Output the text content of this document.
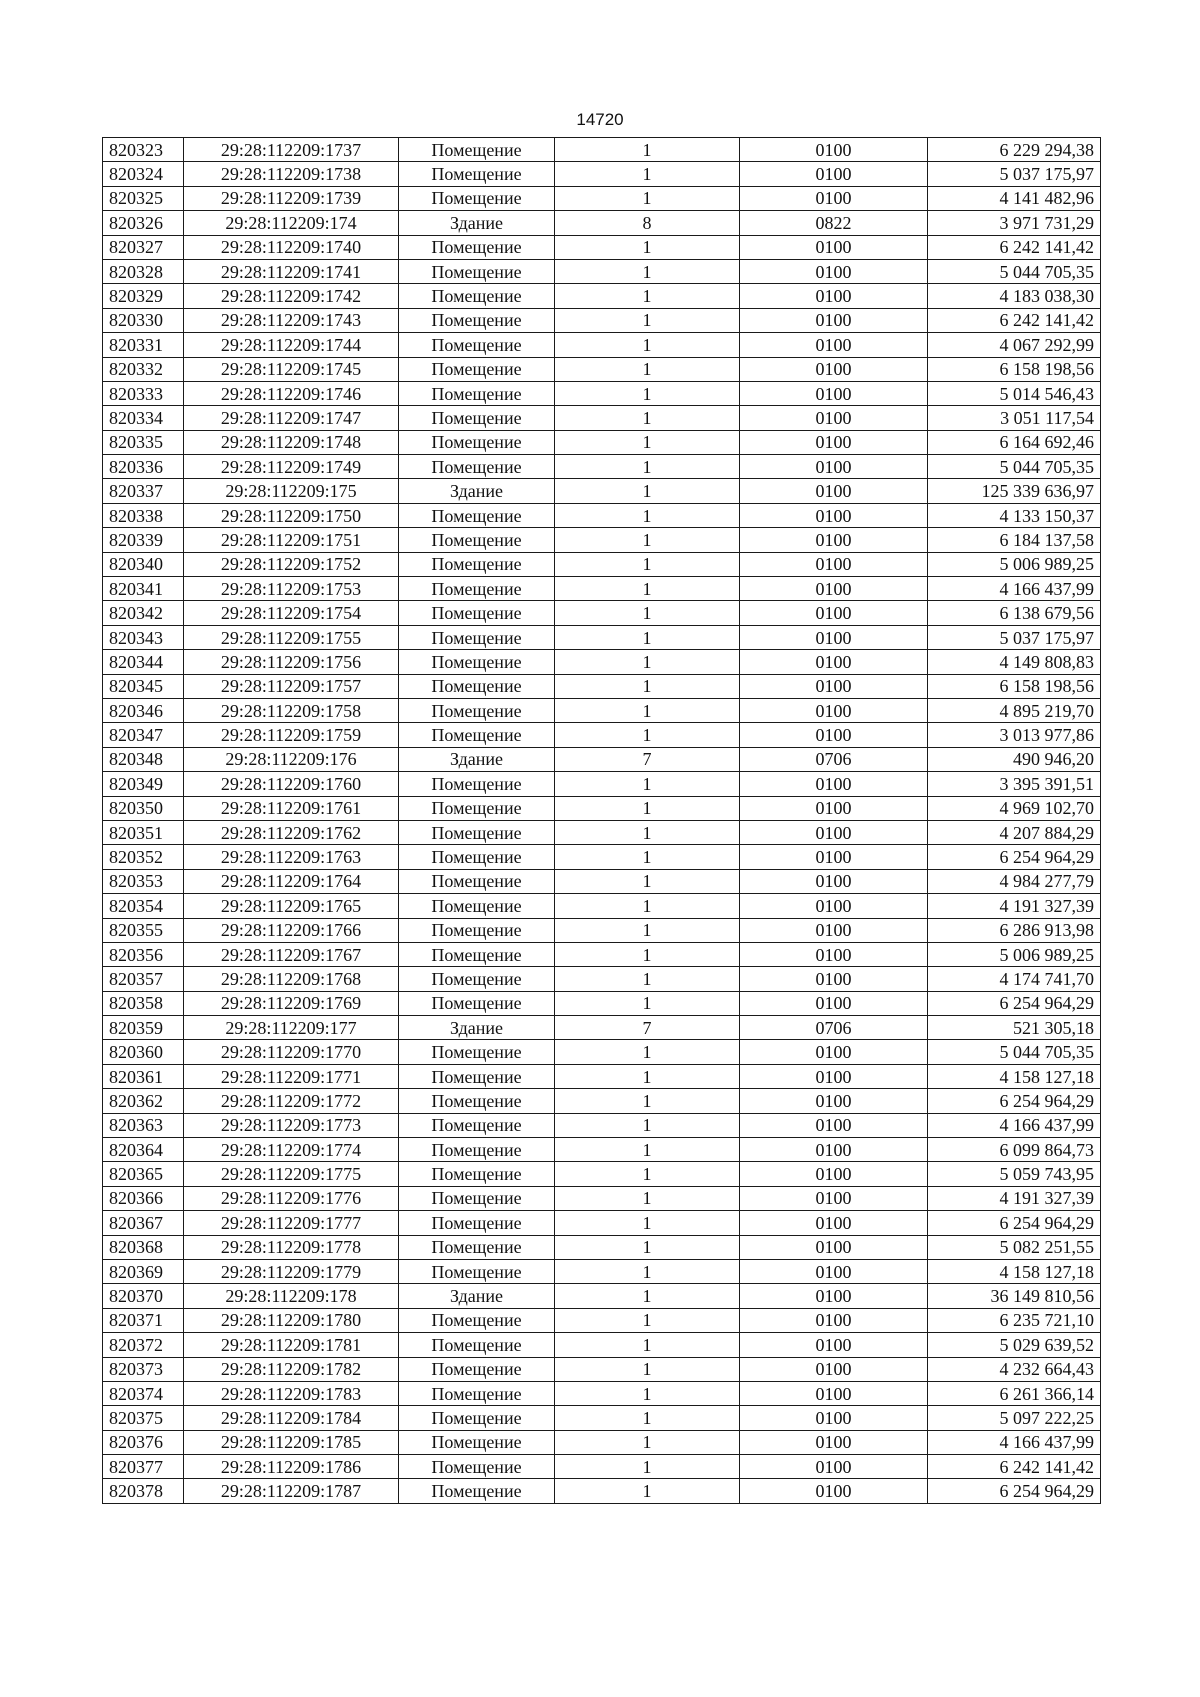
14720
820323	29:28:112209:1737	Помещение	1	0100	6 229 294,38
820324	29:28:112209:1738	Помещение	1	0100	5 037 175,97
820325	29:28:112209:1739	Помещение	1	0100	4 141 482,96
820326	29:28:112209:174	Здание	8	0822	3 971 731,29
820327	29:28:112209:1740	Помещение	1	0100	6 242 141,42
820328	29:28:112209:1741	Помещение	1	0100	5 044 705,35
820329	29:28:112209:1742	Помещение	1	0100	4 183 038,30
820330	29:28:112209:1743	Помещение	1	0100	6 242 141,42
820331	29:28:112209:1744	Помещение	1	0100	4 067 292,99
820332	29:28:112209:1745	Помещение	1	0100	6 158 198,56
820333	29:28:112209:1746	Помещение	1	0100	5 014 546,43
820334	29:28:112209:1747	Помещение	1	0100	3 051 117,54
820335	29:28:112209:1748	Помещение	1	0100	6 164 692,46
820336	29:28:112209:1749	Помещение	1	0100	5 044 705,35
820337	29:28:112209:175	Здание	1	0100	125 339 636,97
820338	29:28:112209:1750	Помещение	1	0100	4 133 150,37
820339	29:28:112209:1751	Помещение	1	0100	6 184 137,58
820340	29:28:112209:1752	Помещение	1	0100	5 006 989,25
820341	29:28:112209:1753	Помещение	1	0100	4 166 437,99
820342	29:28:112209:1754	Помещение	1	0100	6 138 679,56
820343	29:28:112209:1755	Помещение	1	0100	5 037 175,97
820344	29:28:112209:1756	Помещение	1	0100	4 149 808,83
820345	29:28:112209:1757	Помещение	1	0100	6 158 198,56
820346	29:28:112209:1758	Помещение	1	0100	4 895 219,70
820347	29:28:112209:1759	Помещение	1	0100	3 013 977,86
820348	29:28:112209:176	Здание	7	0706	490 946,20
820349	29:28:112209:1760	Помещение	1	0100	3 395 391,51
820350	29:28:112209:1761	Помещение	1	0100	4 969 102,70
820351	29:28:112209:1762	Помещение	1	0100	4 207 884,29
820352	29:28:112209:1763	Помещение	1	0100	6 254 964,29
820353	29:28:112209:1764	Помещение	1	0100	4 984 277,79
820354	29:28:112209:1765	Помещение	1	0100	4 191 327,39
820355	29:28:112209:1766	Помещение	1	0100	6 286 913,98
820356	29:28:112209:1767	Помещение	1	0100	5 006 989,25
820357	29:28:112209:1768	Помещение	1	0100	4 174 741,70
820358	29:28:112209:1769	Помещение	1	0100	6 254 964,29
820359	29:28:112209:177	Здание	7	0706	521 305,18
820360	29:28:112209:1770	Помещение	1	0100	5 044 705,35
820361	29:28:112209:1771	Помещение	1	0100	4 158 127,18
820362	29:28:112209:1772	Помещение	1	0100	6 254 964,29
820363	29:28:112209:1773	Помещение	1	0100	4 166 437,99
820364	29:28:112209:1774	Помещение	1	0100	6 099 864,73
820365	29:28:112209:1775	Помещение	1	0100	5 059 743,95
820366	29:28:112209:1776	Помещение	1	0100	4 191 327,39
820367	29:28:112209:1777	Помещение	1	0100	6 254 964,29
820368	29:28:112209:1778	Помещение	1	0100	5 082 251,55
820369	29:28:112209:1779	Помещение	1	0100	4 158 127,18
820370	29:28:112209:178	Здание	1	0100	36 149 810,56
820371	29:28:112209:1780	Помещение	1	0100	6 235 721,10
820372	29:28:112209:1781	Помещение	1	0100	5 029 639,52
820373	29:28:112209:1782	Помещение	1	0100	4 232 664,43
820374	29:28:112209:1783	Помещение	1	0100	6 261 366,14
820375	29:28:112209:1784	Помещение	1	0100	5 097 222,25
820376	29:28:112209:1785	Помещение	1	0100	4 166 437,99
820377	29:28:112209:1786	Помещение	1	0100	6 242 141,42
820378	29:28:112209:1787	Помещение	1	0100	6 254 964,29
